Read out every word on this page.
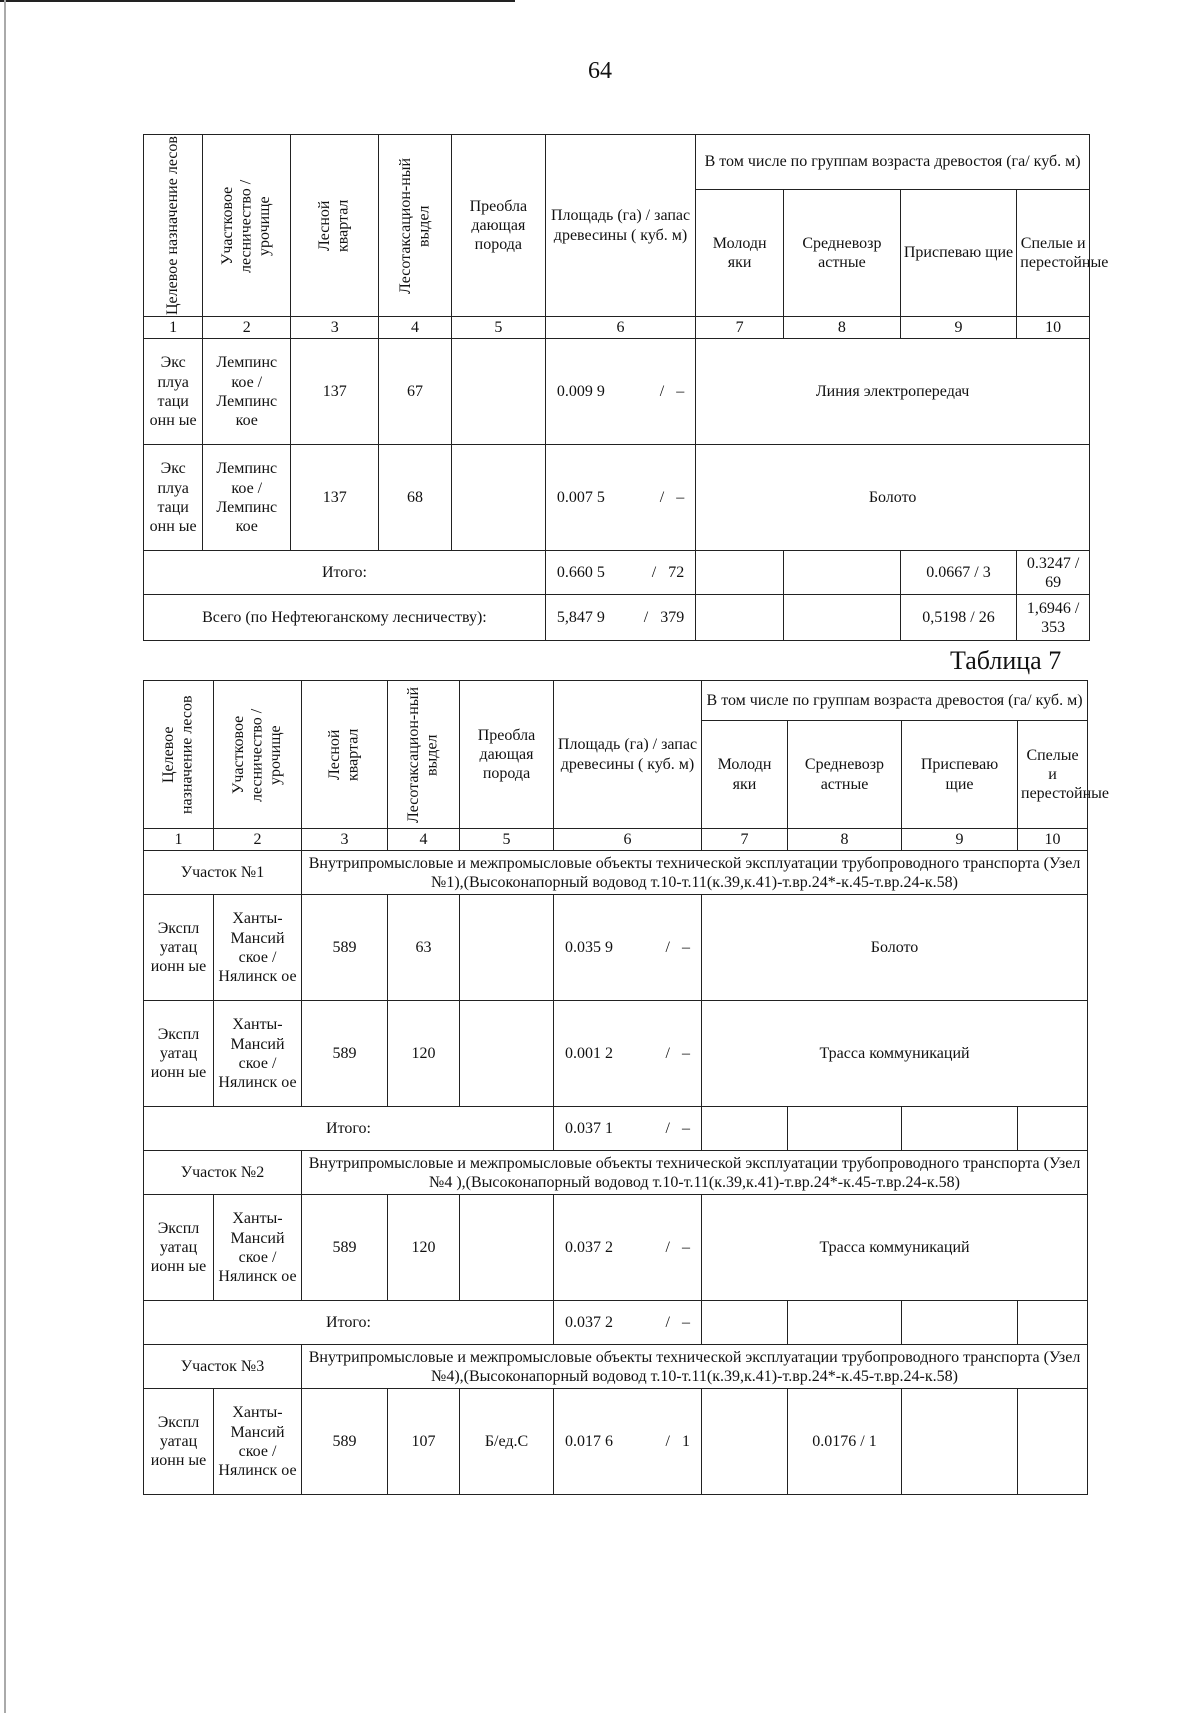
64
Целевое назначение лесов	Участковое лесничество / урочище	Лесной квартал	Лесотаксацион-ный выдел	Преобла дающая порода	Площадь (га) / запас древесины ( куб. м)	В том числе по группам возраста древостоя (га/ куб. м)			
						Молодн яки	Средневозр астные	Приспеваю щие	Спелые и перестойные
1	2	3	4	5	6	7	8	9	10
Экс плуа таци онн ые	Лемпинс кое / Лемпинс кое	137	67		0.009 9 / –	Линия электропередач			
Экс плуа таци онн ые	Лемпинс кое / Лемпинс кое	137	68		0.007 5 / –	Болото			
Итого:					0.660 5 / 72			0.0667 / 3	0.3247 / 69
Всего (по Нефтеюганскому лесничеству):					5,847 9 / 379			0,5198 / 26	1,6946 / 353
Таблица 7
Целевое назначение лесов	Участковое лесничество / урочище	Лесной квартал	Лесотаксацион-ный выдел	Преобла дающая порода	Площадь (га) / запас древесины ( куб. м)	В том числе по группам возраста древостоя (га/ куб. м)			
						Молодн яки	Средневозр астные	Приспеваю щие	Спелые и перестойные
1	2	3	4	5	6	7	8	9	10
Участок №1		Внутрипромысловые и межпромысловые объекты технической эксплуатации трубопроводного транспорта (Узел №1),(Высоконапорный водовод т.10-т.11(к.39,к.41)-т.вр.24*-к.45-т.вр.24-к.58)							
Экспл уатац ионн ые	Ханты-Мансий ское / Нялинск ое	589	63		0.035 9 / –	Болото			
Экспл уатац ионн ые	Ханты-Мансий ское / Нялинск ое	589	120		0.001 2 / –	Трасса коммуникаций			
Итого:					0.037 1 / –				

Участок №2		Внутрипромысловые и межпромысловые объекты технической эксплуатации трубопроводного транспорта (Узел №4 ),(Высоконапорный водовод т.10-т.11(к.39,к.41)-т.вр.24*-к.45-т.вр.24-к.58)							
Экспл уатац ионн ые	Ханты-Мансий ское / Нялинск ое	589	120		0.037 2 / –	Трасса коммуникаций			
Итого:					0.037 2 / –				

Участок №3		Внутрипромысловые и межпромысловые объекты технической эксплуатации трубопроводного транспорта (Узел №4),(Высоконапорный водовод т.10-т.11(к.39,к.41)-т.вр.24*-к.45-т.вр.24-к.58)							
Экспл уатац ионн ые	Ханты-Мансий ское / Нялинск ое	589	107	Б/ед.С	0.017 6 / 1		0.0176 / 1		
